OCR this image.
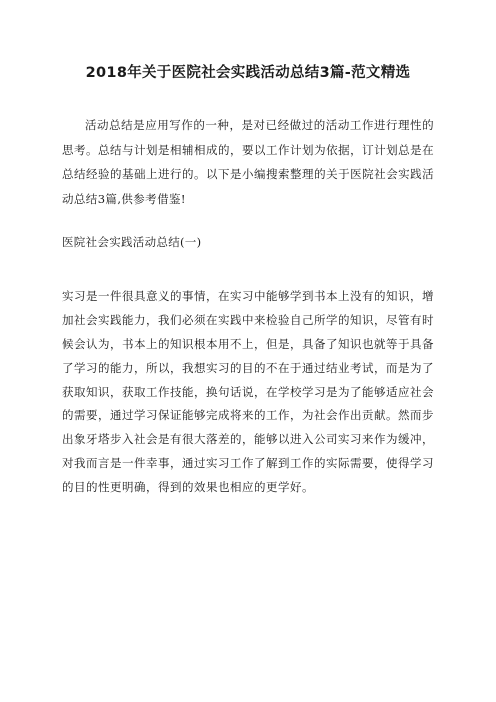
2018年关于医院社会实践活动总结3篇-范文精选

活动总结是应用写作的一种，是对已经做过的活动工作进行理性的思考。总结与计划是相辅相成的，要以工作计划为依据，订计划总是在总结经验的基础上进行的。以下是小编搜索整理的关于医院社会实践活动总结3篇,供参考借鉴!

医院社会实践活动总结(一)

实习是一件很具意义的事情，在实习中能够学到书本上没有的知识，增加社会实践能力，我们必须在实践中来检验自己所学的知识，尽管有时候会认为，书本上的知识根本用不上，但是，具备了知识也就等于具备了学习的能力，所以，我想实习的目的不在于通过结业考试，而是为了获取知识，获取工作技能，换句话说，在学校学习是为了能够适应社会的需要，通过学习保证能够完成将来的工作，为社会作出贡献。然而步出象牙塔步入社会是有很大落差的，能够以进入公司实习来作为缓冲，对我而言是一件幸事，通过实习工作了解到工作的实际需要，使得学习的目的性更明确，得到的效果也相应的更学好。
